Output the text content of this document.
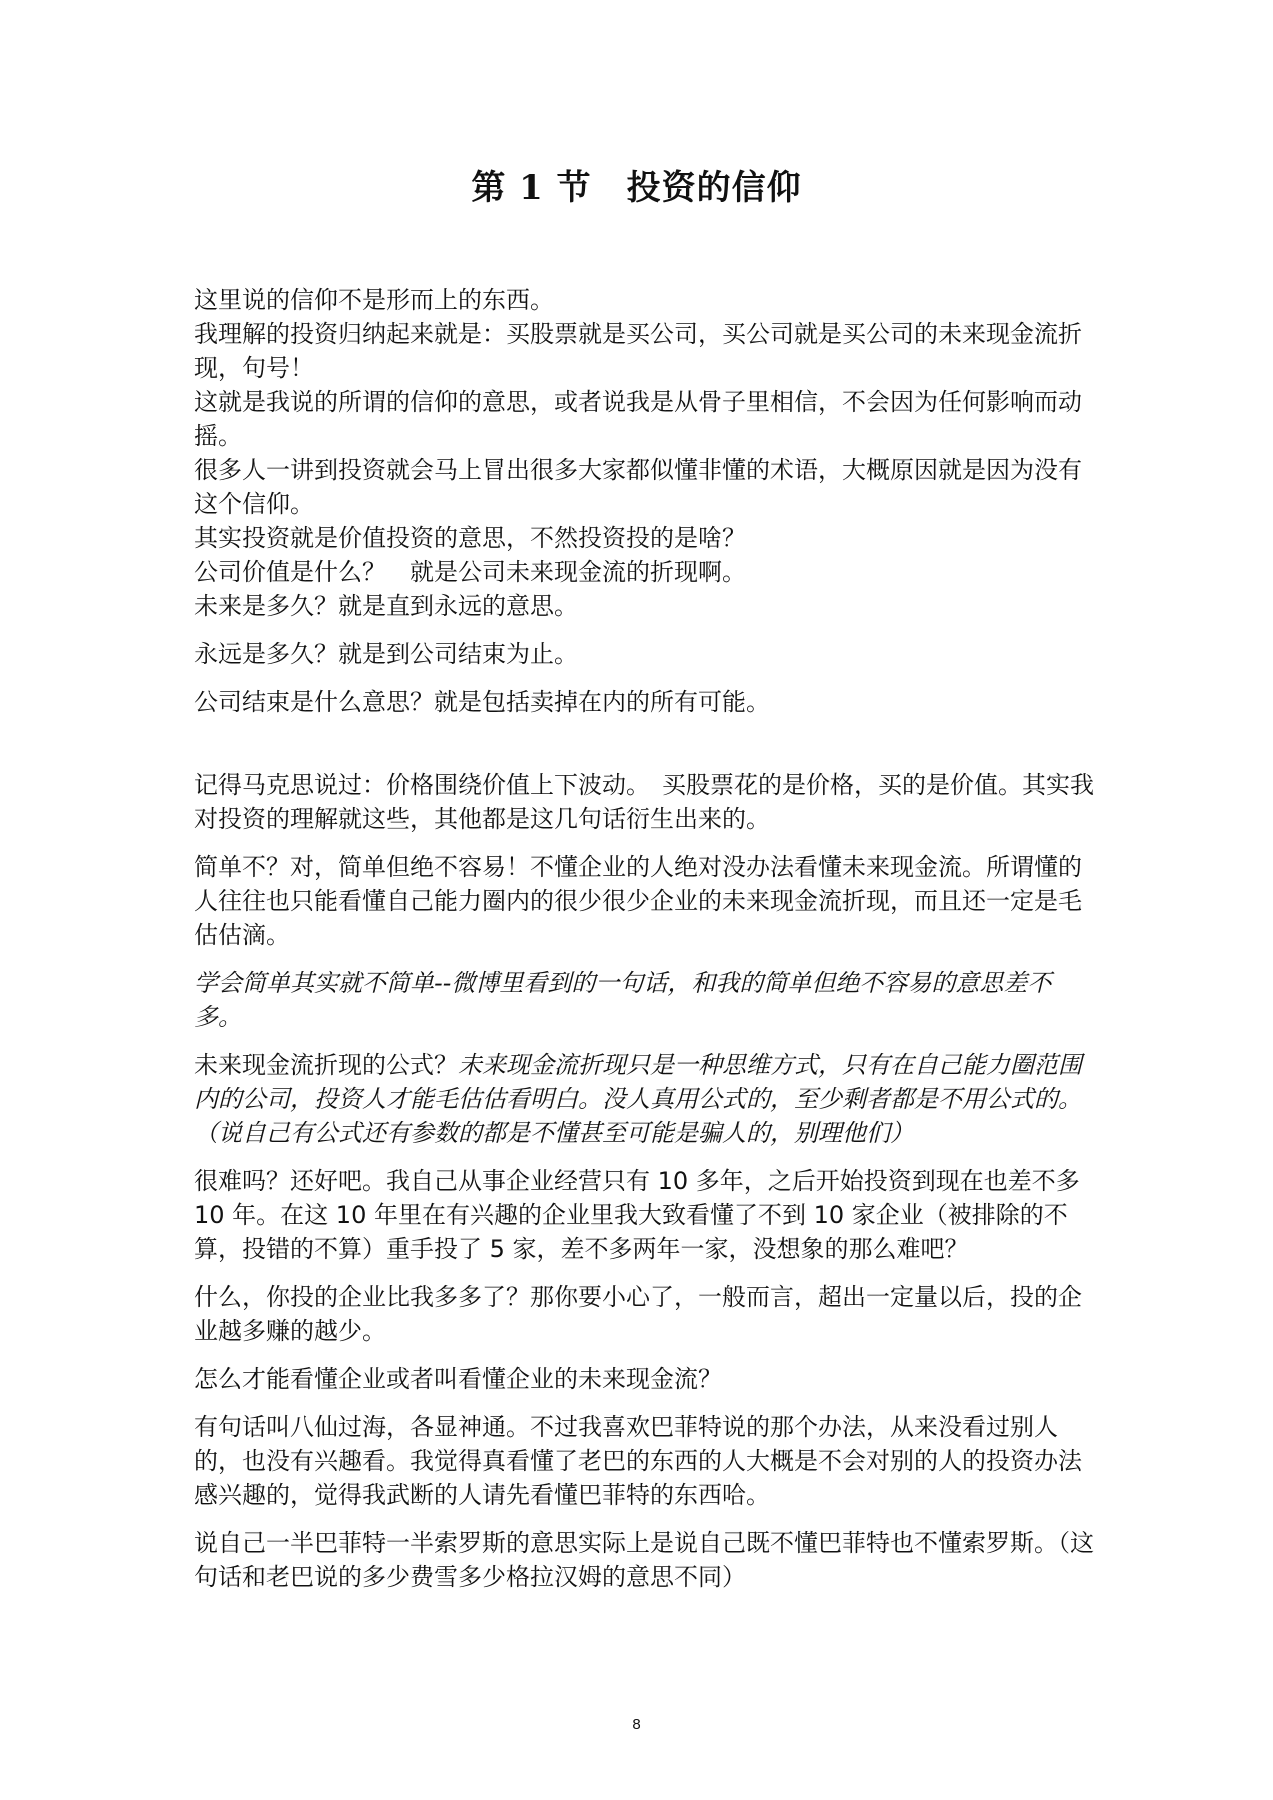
第 1 节　投资的信仰

这里说的信仰不是形而上的东西。

我理解的投资归纳起来就是：买股票就是买公司，买公司就是买公司的未来现金流折现，句号！

这就是我说的所谓的信仰的意思，或者说我是从骨子里相信，不会因为任何影响而动摇。

很多人一讲到投资就会马上冒出很多大家都似懂非懂的术语，大概原因就是因为没有这个信仰。

其实投资就是价值投资的意思，不然投资投的是啥？

公司价值是什么？　就是公司未来现金流的折现啊。

未来是多久？就是直到永远的意思。

永远是多久？就是到公司结束为止。

公司结束是什么意思？就是包括卖掉在内的所有可能。

记得马克思说过：价格围绕价值上下波动。　买股票花的是价格，买的是价值。其实我对投资的理解就这些，其他都是这几句话衍生出来的。

简单不？对，简单但绝不容易！不懂企业的人绝对没办法看懂未来现金流。所谓懂的人往往也只能看懂自己能力圈内的很少很少企业的未来现金流折现，而且还一定是毛估估滴。

学会简单其实就不简单--微博里看到的一句话，和我的简单但绝不容易的意思差不多。

未来现金流折现的公式？未来现金流折现只是一种思维方式，只有在自己能力圈范围内的公司，投资人才能毛估估看明白。没人真用公式的，至少剩者都是不用公式的。（说自己有公式还有参数的都是不懂甚至可能是骗人的，别理他们）

很难吗？还好吧。我自己从事企业经营只有 10 多年，之后开始投资到现在也差不多 10 年。在这 10 年里在有兴趣的企业里我大致看懂了不到 10 家企业（被排除的不算，投错的不算）重手投了 5 家，差不多两年一家，没想象的那么难吧？

什么，你投的企业比我多多了？那你要小心了，一般而言，超出一定量以后，投的企业越多赚的越少。

怎么才能看懂企业或者叫看懂企业的未来现金流？

有句话叫八仙过海，各显神通。不过我喜欢巴菲特说的那个办法，从来没看过别人的，也没有兴趣看。我觉得真看懂了老巴的东西的人大概是不会对别的人的投资办法感兴趣的，觉得我武断的人请先看懂巴菲特的东西哈。

说自己一半巴菲特一半索罗斯的意思实际上是说自己既不懂巴菲特也不懂索罗斯。（这句话和老巴说的多少费雪多少格拉汉姆的意思不同）

8
